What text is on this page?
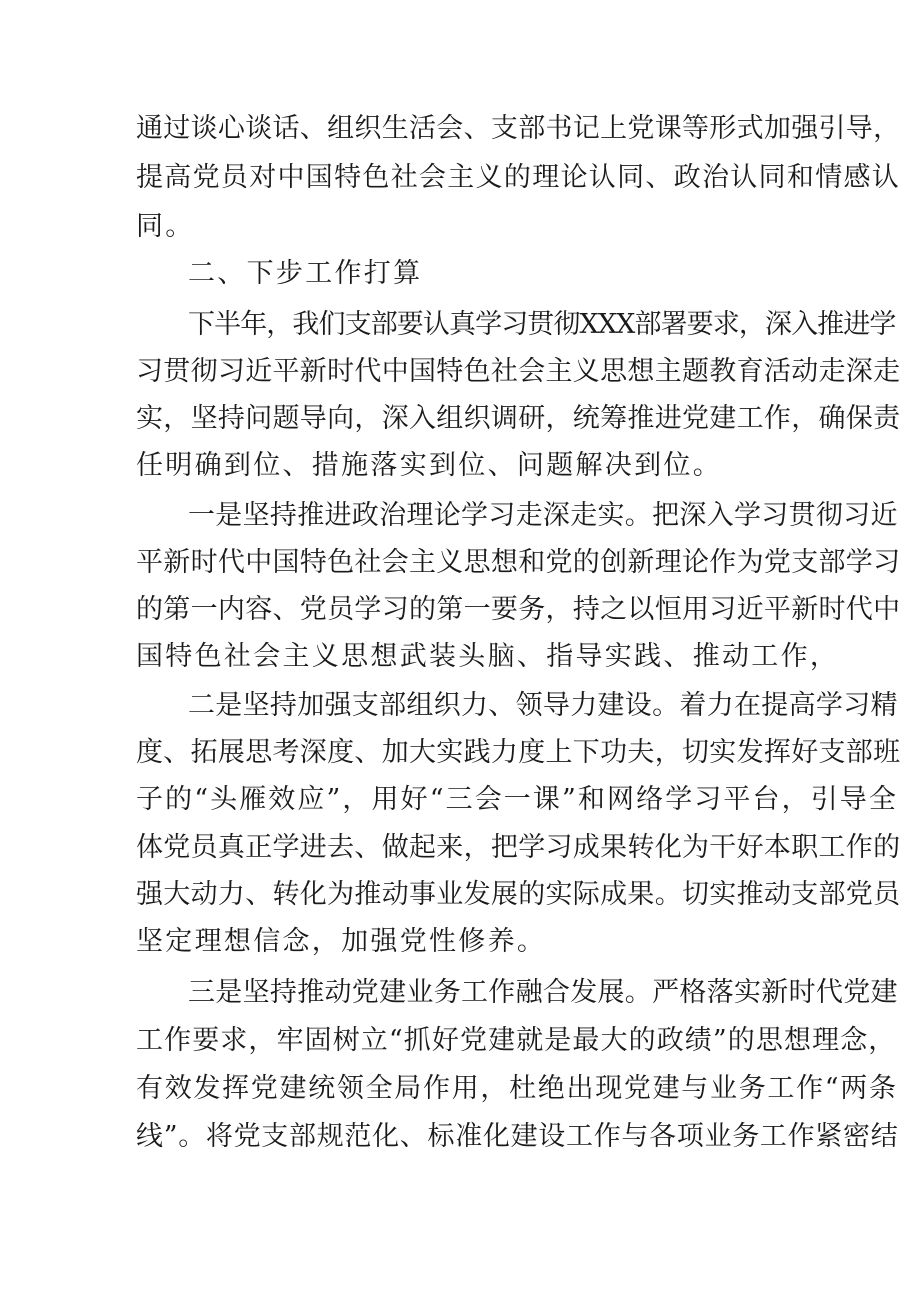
通过谈心谈话、组织生活会、支部书记上党课等形式加强引导，
提高党员对中国特色社会主义的理论认同、政治认同和情感认
同。
二、下步工作打算
下半年，我们支部要认真学习贯彻XXX部署要求，深入推进学
习贯彻习近平新时代中国特色社会主义思想主题教育活动走深走
实，坚持问题导向，深入组织调研，统筹推进党建工作，确保责
任明确到位、措施落实到位、问题解决到位。
一是坚持推进政治理论学习走深走实。把深入学习贯彻习近
平新时代中国特色社会主义思想和党的创新理论作为党支部学习
的第一内容、党员学习的第一要务，持之以恒用习近平新时代中
国特色社会主义思想武装头脑、指导实践、推动工作，
二是坚持加强支部组织力、领导力建设。着力在提高学习精
度、拓展思考深度、加大实践力度上下功夫，切实发挥好支部班
子的“头雁效应”，用好“三会一课”和网络学习平台，引导全
体党员真正学进去、做起来，把学习成果转化为干好本职工作的
强大动力、转化为推动事业发展的实际成果。切实推动支部党员
坚定理想信念，加强党性修养。
三是坚持推动党建业务工作融合发展。严格落实新时代党建
工作要求，牢固树立“抓好党建就是最大的政绩”的思想理念，
有效发挥党建统领全局作用，杜绝出现党建与业务工作“两条
线”。将党支部规范化、标准化建设工作与各项业务工作紧密结
